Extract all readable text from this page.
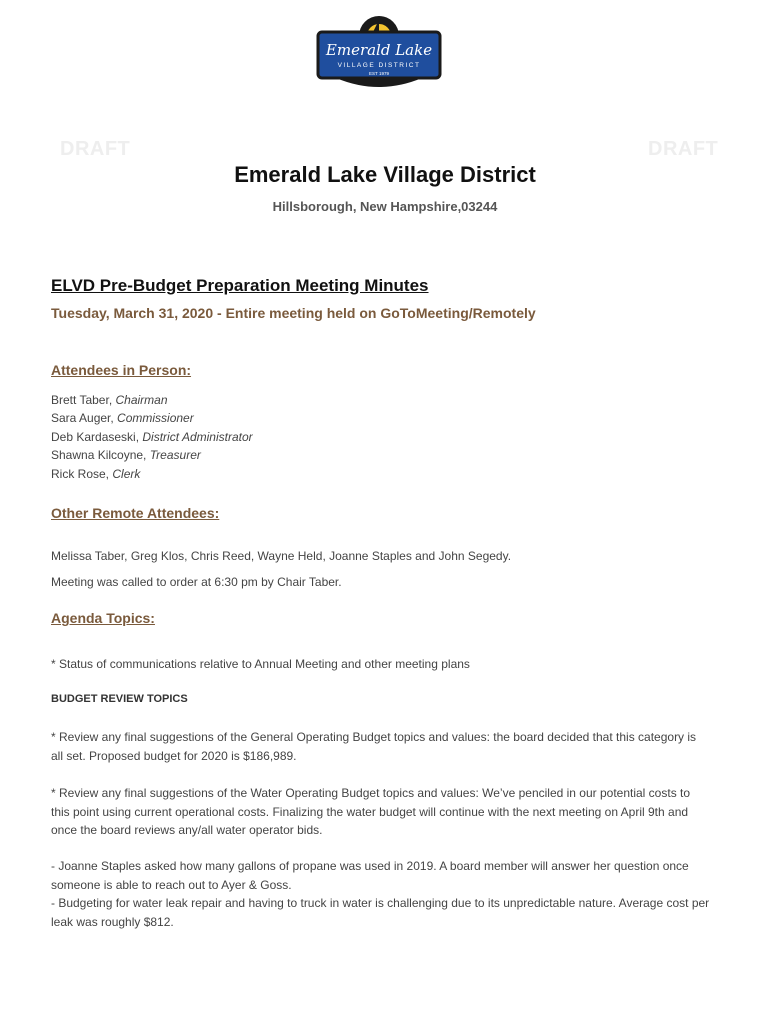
Emerald Lake
VILLAGE DISTRICT
EST 1979
DRAFT	DRAFT
Emerald Lake Village District
Hillsborough, New Hampshire,03244
ELVD Pre-Budget Preparation Meeting Minutes
Tuesday, March 31, 2020 - Entire meeting held on GoToMeeting/Remotely
Attendees in Person:
Brett Taber, Chairman
Sara Auger, Commissioner
Deb Kardaseski, District Administrator
Shawna Kilcoyne, Treasurer
Rick Rose, Clerk
Other Remote Attendees:
Melissa Taber, Greg Klos, Chris Reed, Wayne Held, Joanne Staples and John Segedy.
Meeting was called to order at 6:30 pm by Chair Taber.
Agenda Topics:
* Status of communications relative to Annual Meeting and other meeting plans
BUDGET REVIEW TOPICS
* Review any final suggestions of the General Operating Budget topics and values: the board decided that this category is all set. Proposed budget for 2020 is $186,989.
* Review any final suggestions of the Water Operating Budget topics and values: We’ve penciled in our potential costs to this point using current operational costs. Finalizing the water budget will continue with the next meeting on April 9th and once the board reviews any/all water operator bids.
- Joanne Staples asked how many gallons of propane was used in 2019. A board member will answer her question once someone is able to reach out to Ayer & Goss.
- Budgeting for water leak repair and having to truck in water is challenging due to its unpredictable nature. Average cost per leak was roughly $812.
